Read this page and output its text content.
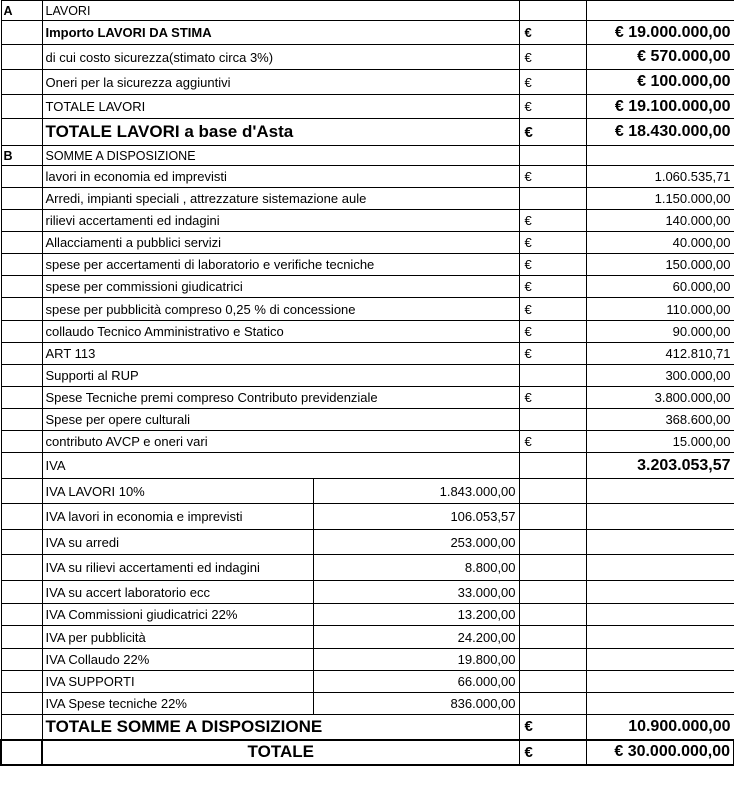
A	LAVORI			
	Importo LAVORI DA STIMA		€	€ 19.000.000,00
	di cui costo sicurezza(stimato circa 3%)		€	€ 570.000,00
	Oneri per la sicurezza aggiuntivi		€	€ 100.000,00
	TOTALE LAVORI		€	€ 19.100.000,00
	TOTALE LAVORI a base d'Asta		€	€ 18.430.000,00
B	SOMME A DISPOSIZIONE			
	lavori in economia ed imprevisti		€	1.060.535,71
	Arredi, impianti speciali , attrezzature sistemazione aule			1.150.000,00
	rilievi accertamenti ed indagini		€	140.000,00
	Allacciamenti a pubblici servizi		€	40.000,00
	spese per accertamenti di laboratorio e verifiche tecniche		€	150.000,00
	spese per commissioni giudicatrici		€	60.000,00
	spese per pubblicità compreso 0,25 % di concessione		€	110.000,00
	collaudo Tecnico Amministrativo e Statico		€	90.000,00
	ART 113		€	412.810,71
	Supporti al RUP			300.000,00
	Spese Tecniche premi compreso Contributo previdenziale		€	3.800.000,00
	Spese per opere culturali			368.600,00
	contributo AVCP e oneri vari		€	15.000,00
	IVA			3.203.053,57
	IVA LAVORI 10%	1.843.000,00		
	IVA lavori in economia e imprevisti	106.053,57		
	IVA su arredi	253.000,00		
	IVA su rilievi accertamenti ed indagini	8.800,00		
	IVA su accert laboratorio ecc	33.000,00		
	IVA Commissioni giudicatrici 22%	13.200,00		
	IVA per pubblicità	24.200,00		
	IVA Collaudo 22%	19.800,00		
	IVA SUPPORTI	66.000,00		
	IVA Spese tecniche 22%	836.000,00		
	TOTALE SOMME A DISPOSIZIONE		€	10.900.000,00
	TOTALE		€	€ 30.000.000,00
